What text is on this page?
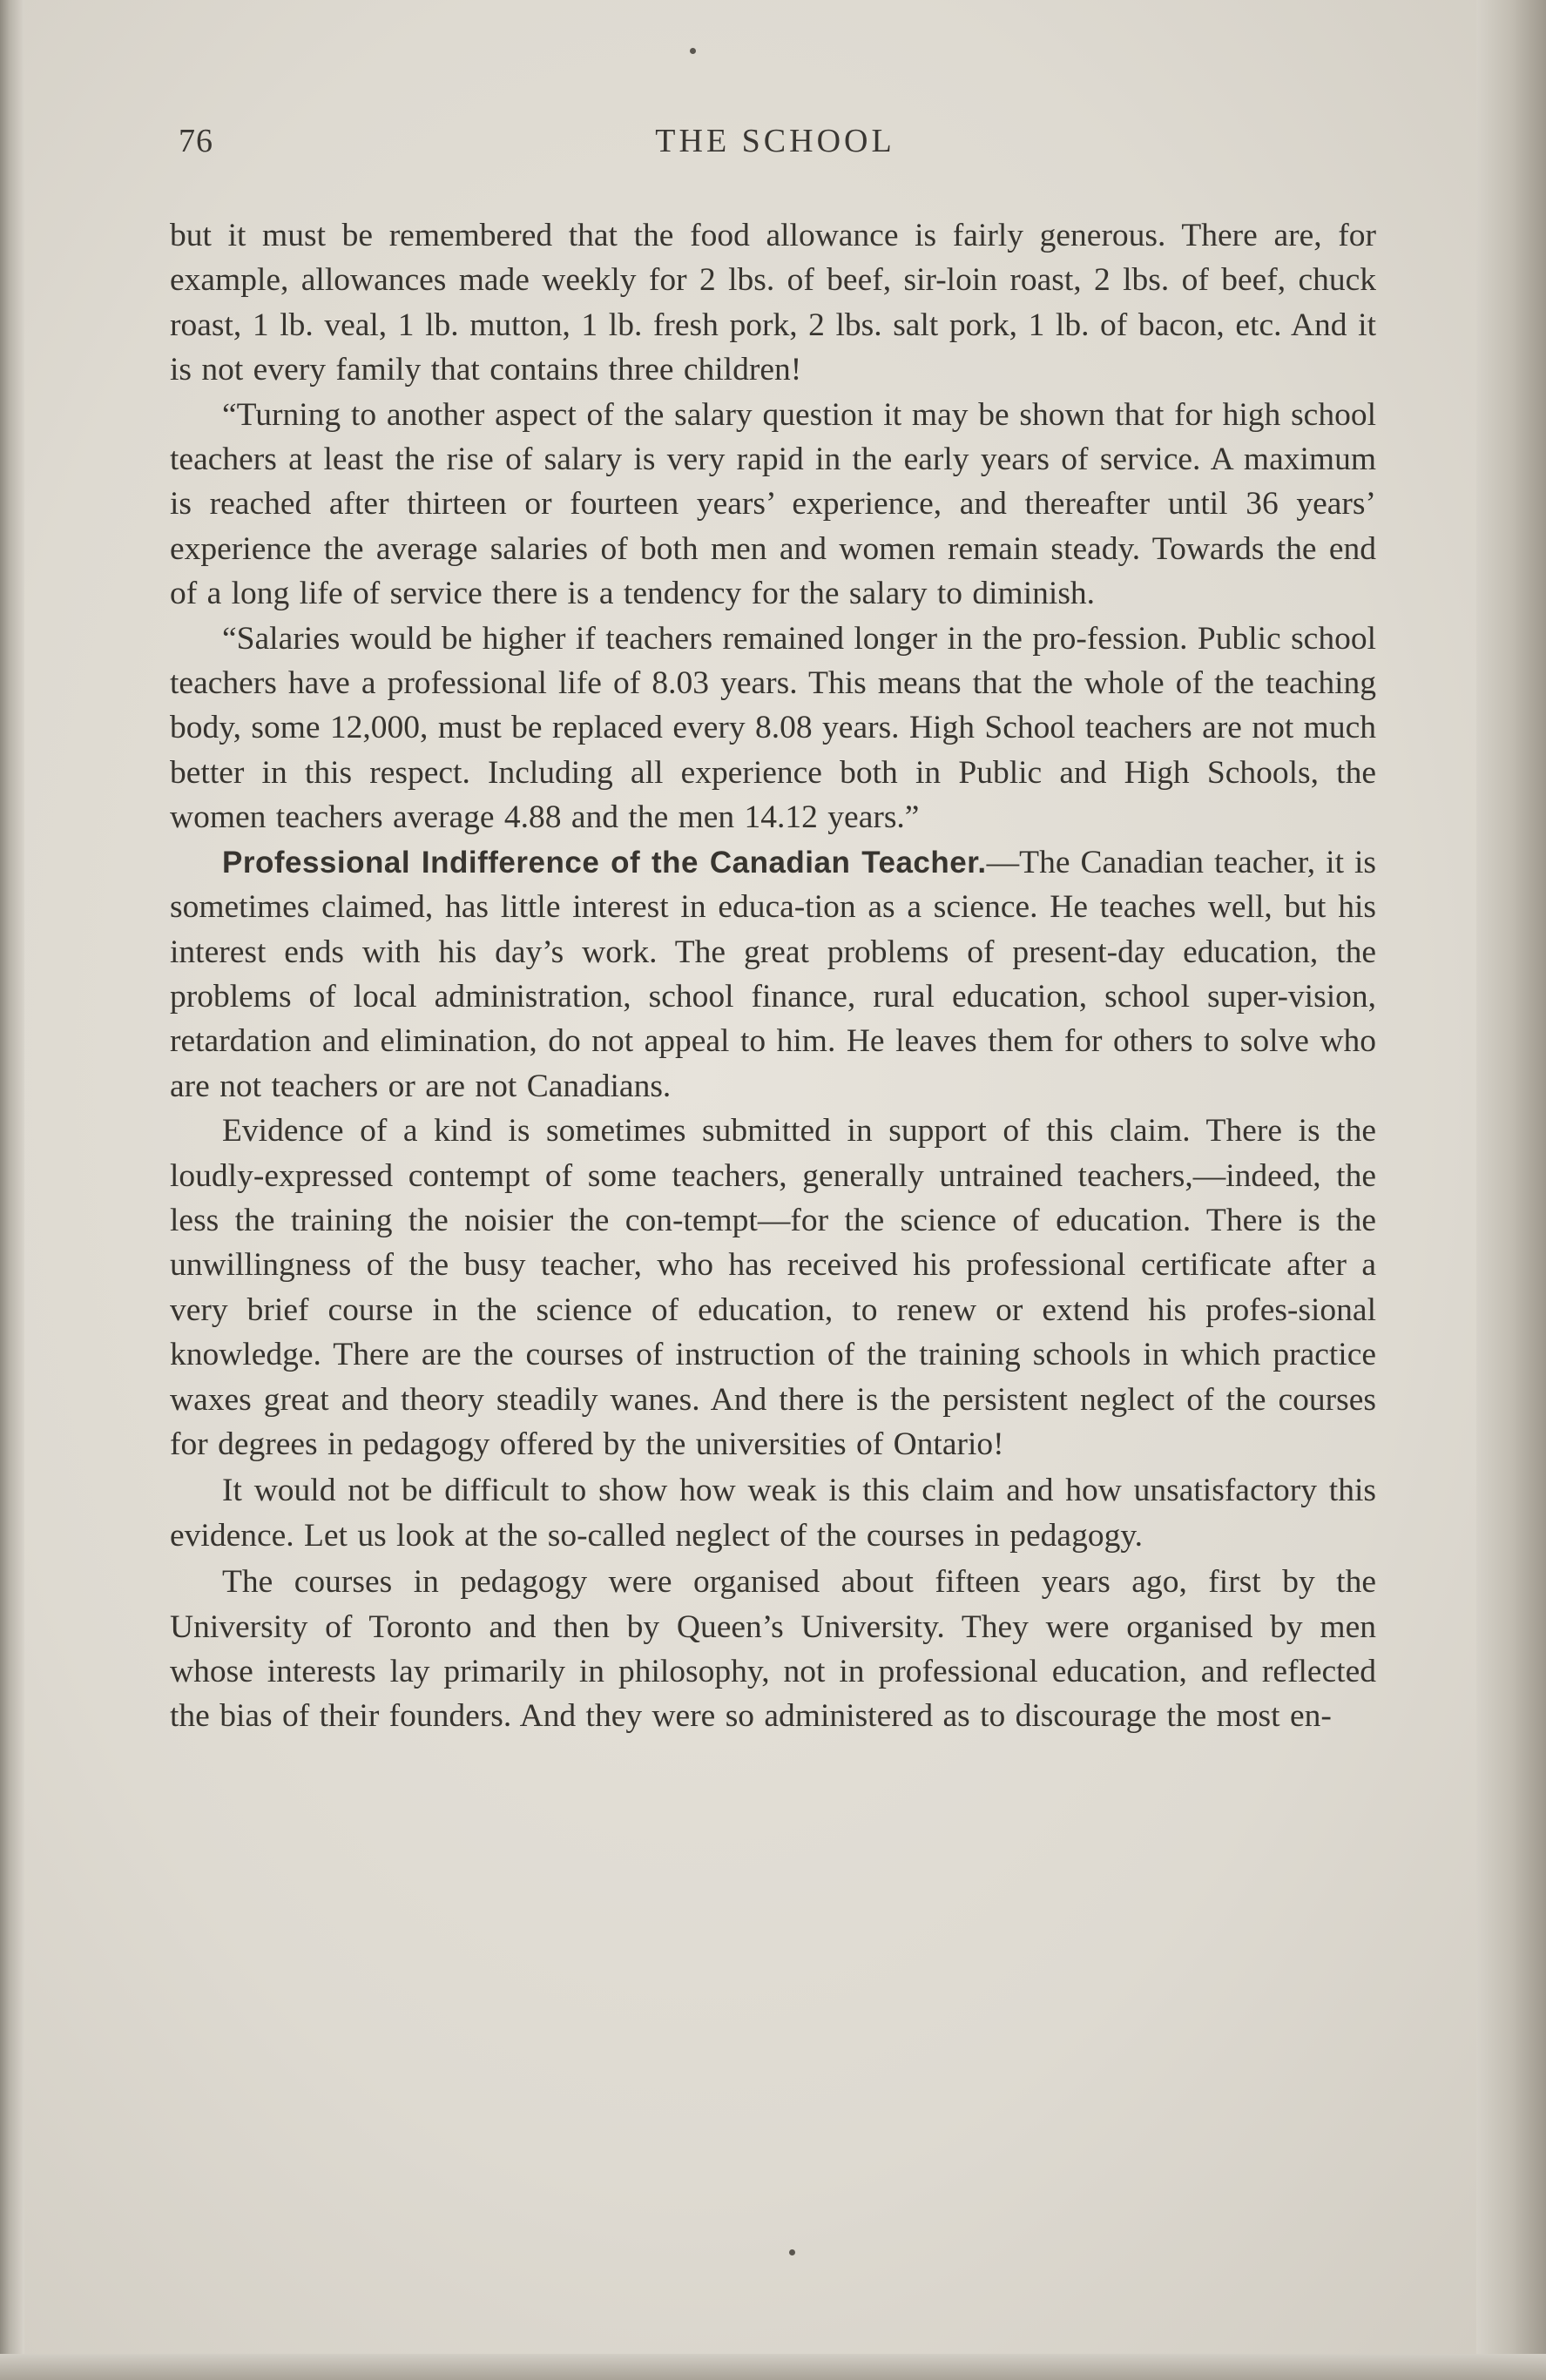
76	THE SCHOOL

but it must be remembered that the food allowance is fairly generous. There are, for example, allowances made weekly for 2 lbs. of beef, sir-loin roast, 2 lbs. of beef, chuck roast, 1 lb. veal, 1 lb. mutton, 1 lb. fresh pork, 2 lbs. salt pork, 1 lb. of bacon, etc. And it is not every family that contains three children!

“Turning to another aspect of the salary question it may be shown that for high school teachers at least the rise of salary is very rapid in the early years of service. A maximum is reached after thirteen or fourteen years’ experience, and thereafter until 36 years’ experience the average salaries of both men and women remain steady. Towards the end of a long life of service there is a tendency for the salary to diminish.

“Salaries would be higher if teachers remained longer in the pro-fession. Public school teachers have a professional life of 8.03 years. This means that the whole of the teaching body, some 12,000, must be replaced every 8.08 years. High School teachers are not much better in this respect. Including all experience both in Public and High Schools, the women teachers average 4.88 and the men 14.12 years.”

Professional Indifference of the Canadian Teacher.—The Canadian teacher, it is sometimes claimed, has little interest in educa-tion as a science. He teaches well, but his interest ends with his day’s work. The great problems of present-day education, the problems of local administration, school finance, rural education, school super-vision, retardation and elimination, do not appeal to him. He leaves them for others to solve who are not teachers or are not Canadians.

Evidence of a kind is sometimes submitted in support of this claim. There is the loudly-expressed contempt of some teachers, generally untrained teachers,—indeed, the less the training the noisier the con-tempt—for the science of education. There is the unwillingness of the busy teacher, who has received his professional certificate after a very brief course in the science of education, to renew or extend his profes-sional knowledge. There are the courses of instruction of the training schools in which practice waxes great and theory steadily wanes. And there is the persistent neglect of the courses for degrees in pedagogy offered by the universities of Ontario!

It would not be difficult to show how weak is this claim and how unsatisfactory this evidence. Let us look at the so-called neglect of the courses in pedagogy.

The courses in pedagogy were organised about fifteen years ago, first by the University of Toronto and then by Queen’s University. They were organised by men whose interests lay primarily in philosophy, not in professional education, and reflected the bias of their founders. And they were so administered as to discourage the most en-
